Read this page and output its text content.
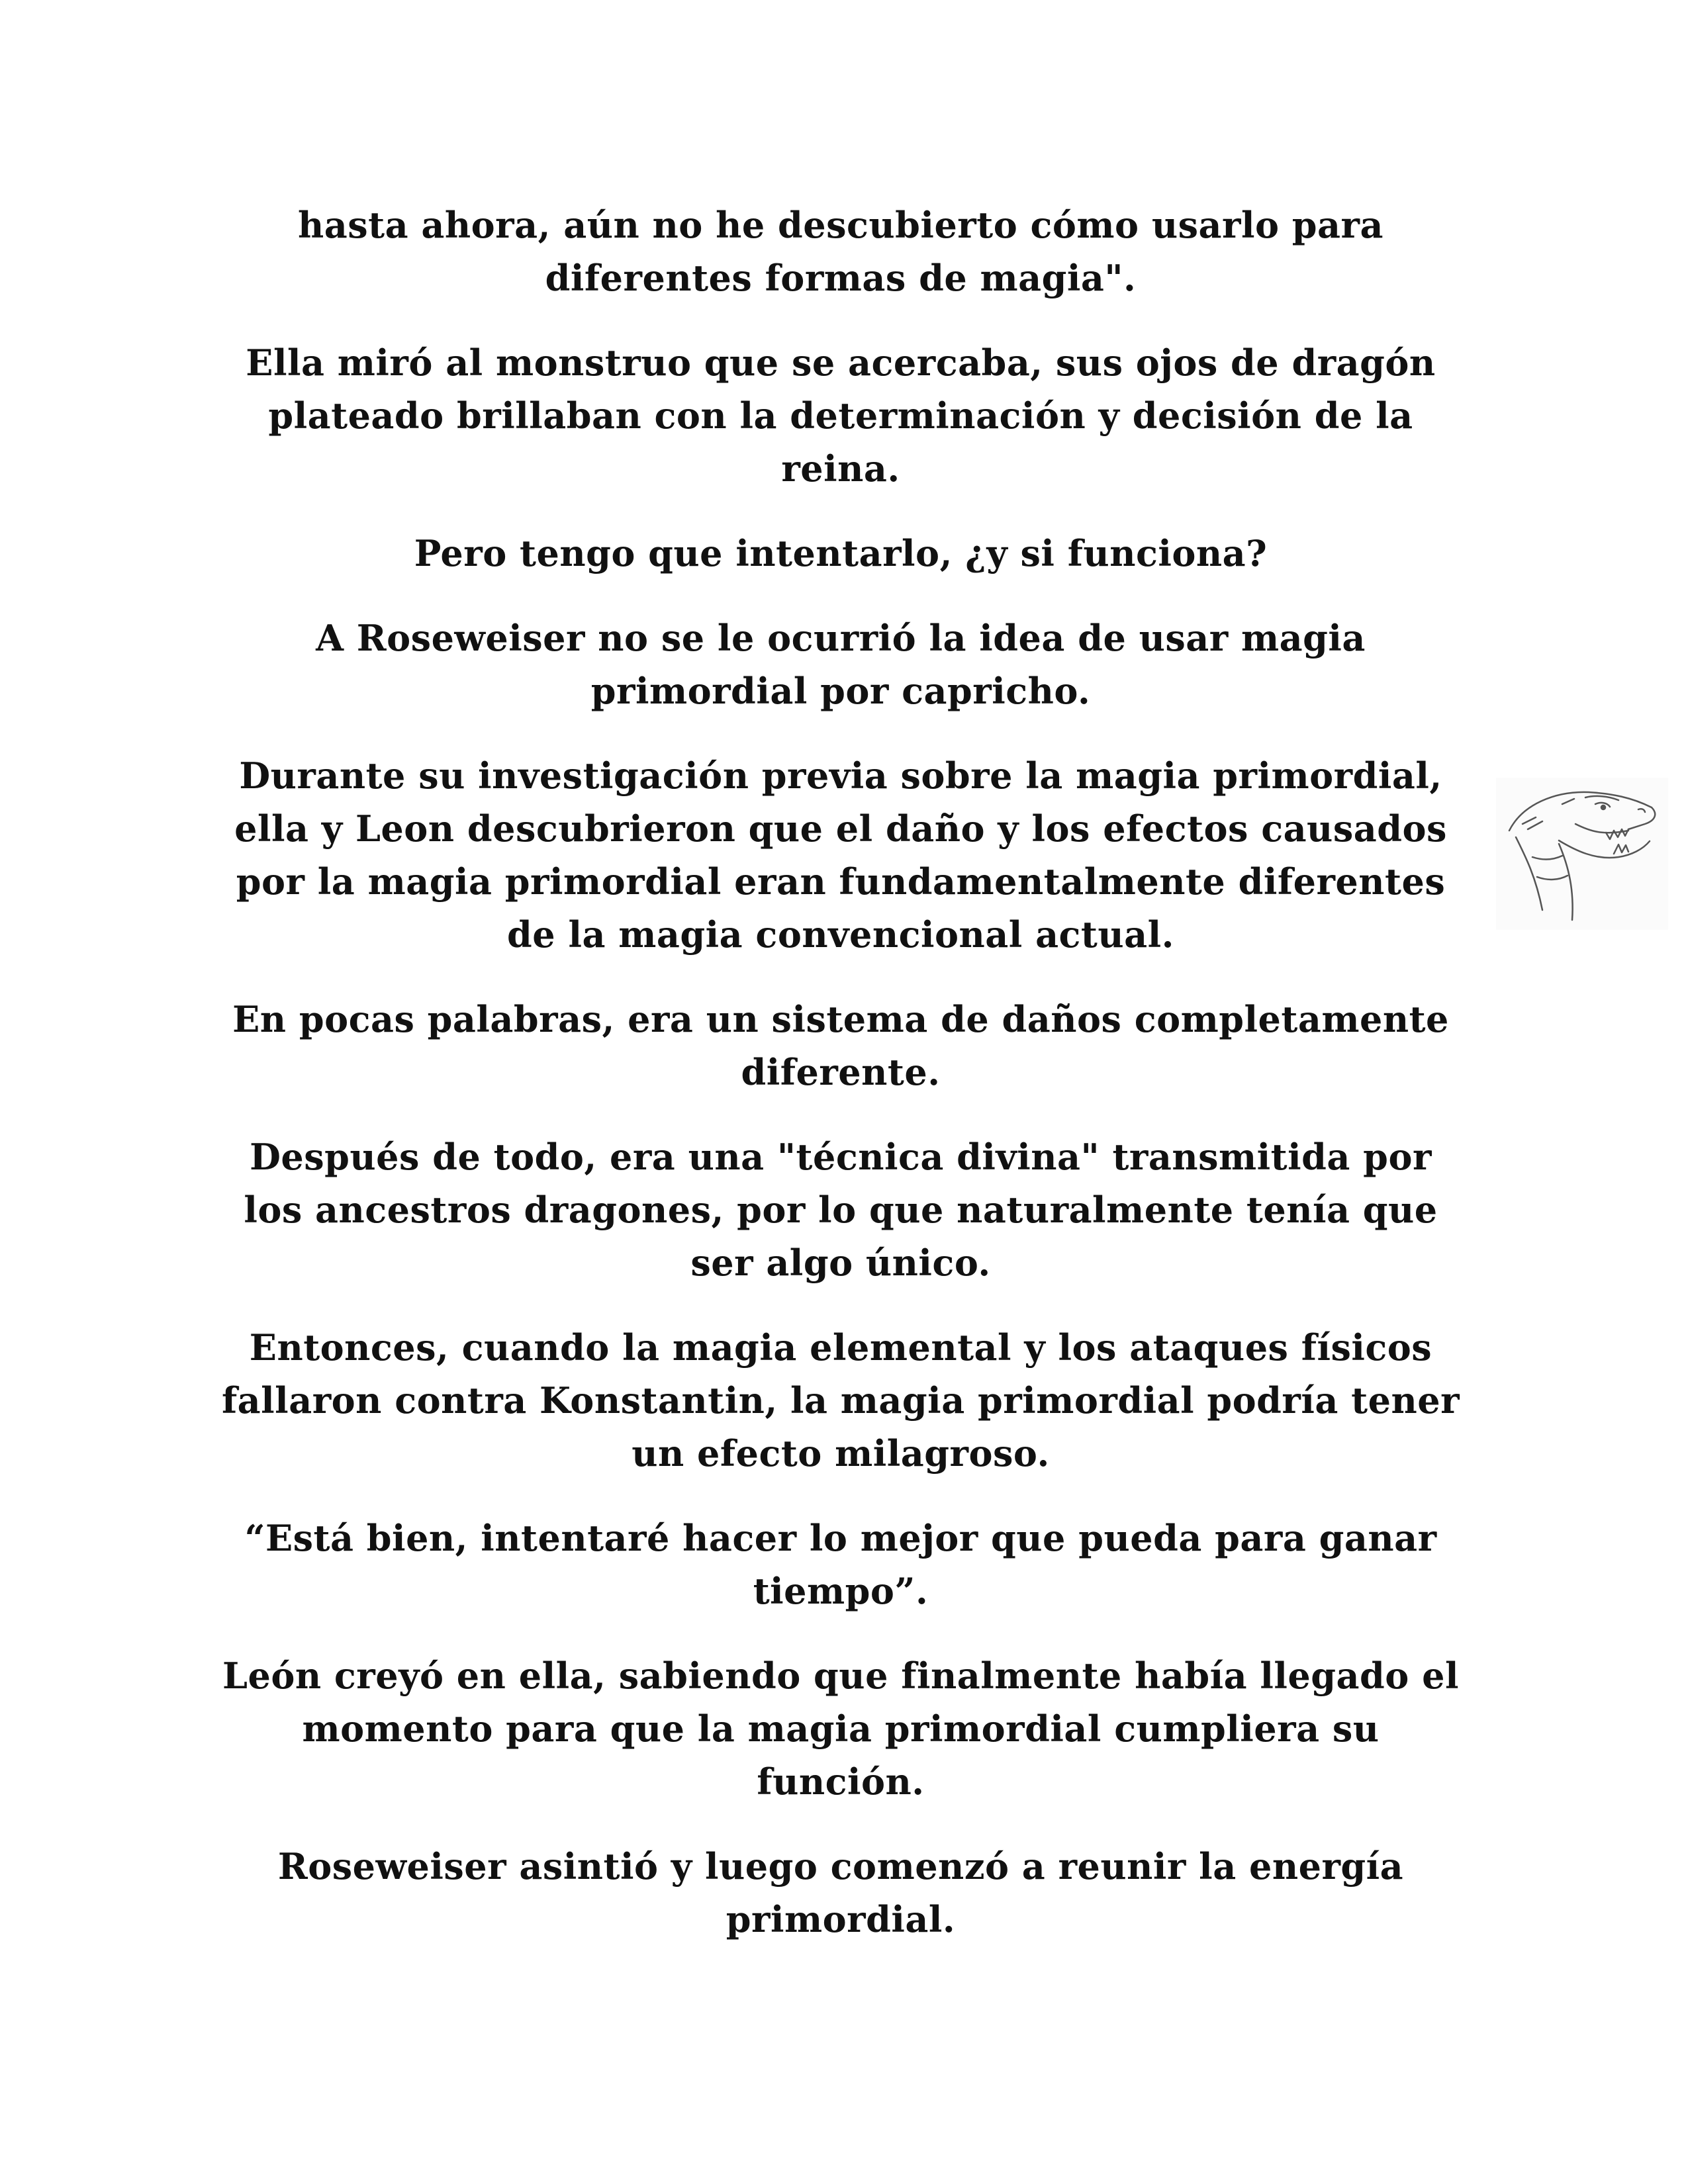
hasta ahora, aún no he descubierto cómo usarlo para diferentes formas de magia".

Ella miró al monstruo que se acercaba, sus ojos de dragón plateado brillaban con la determinación y decisión de la reina.

Pero tengo que intentarlo, ¿y si funciona?

A Roseweiser no se le ocurrió la idea de usar magia primordial por capricho.

Durante su investigación previa sobre la magia primordial, ella y Leon descubrieron que el daño y los efectos causados por la magia primordial eran fundamentalmente diferentes de la magia convencional actual.

En pocas palabras, era un sistema de daños completamente diferente.

Después de todo, era una "técnica divina" transmitida por los ancestros dragones, por lo que naturalmente tenía que ser algo único.

Entonces, cuando la magia elemental y los ataques físicos fallaron contra Konstantin, la magia primordial podría tener un efecto milagroso.

“Está bien, intentaré hacer lo mejor que pueda para ganar tiempo”.

León creyó en ella, sabiendo que finalmente había llegado el momento para que la magia primordial cumpliera su función.

Roseweiser asintió y luego comenzó a reunir la energía primordial.
